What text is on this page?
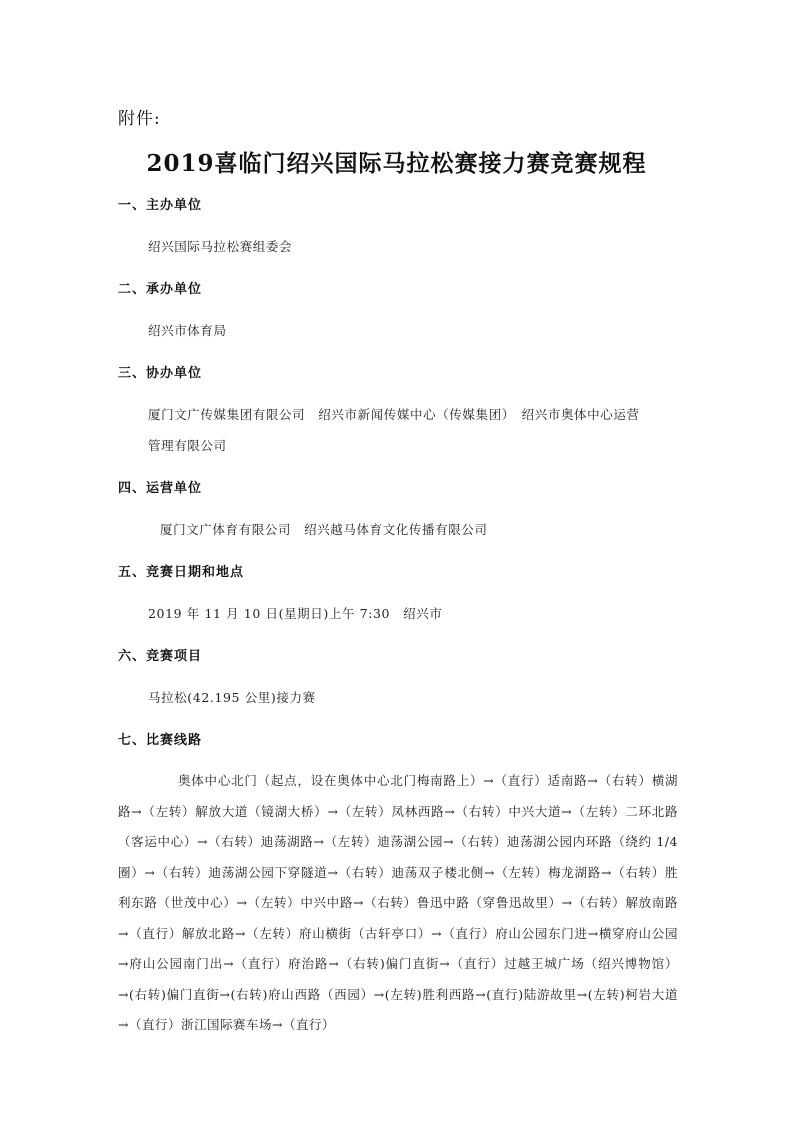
附件:
2019喜临门绍兴国际马拉松赛接力赛竞赛规程

一、主办单位

绍兴国际马拉松赛组委会

二、承办单位

绍兴市体育局

三、协办单位

厦门文广传媒集团有限公司　绍兴市新闻传媒中心（传媒集团）　绍兴市奥体中心运营

管理有限公司

四、运营单位

厦门文广体育有限公司　绍兴越马体育文化传播有限公司

五、竞赛日期和地点

2019 年 11 月 10 日(星期日)上午 7:30　绍兴市

六、竞赛项目

马拉松(42.195 公里)接力赛

七、比赛线路

奥体中心北门（起点，设在奥体中心北门梅南路上）→（直行）适南路→（右转）横湖路→（左转）解放大道（镜湖大桥）→（左转）凤林西路→（右转）中兴大道→（左转）二环北路（客运中心）→（右转）迪荡湖路→（左转）迪荡湖公园→（右转）迪荡湖公园内环路（绕约 1/4 圈）→（右转）迪荡湖公园下穿隧道→（右转）迪荡双子楼北侧→（左转）梅龙湖路→（右转）胜利东路（世茂中心）→（左转）中兴中路→（右转）鲁迅中路（穿鲁迅故里）→（右转）解放南路→（直行）解放北路→（左转）府山横街（古轩亭口）→（直行）府山公园东门进→横穿府山公园→府山公园南门出→（直行）府治路→（右转)偏门直街→（直行）过越王城广场（绍兴博物馆）→(右转)偏门直街→(右转)府山西路（西园）→(左转)胜利西路→(直行)陆游故里→(左转)柯岩大道→（直行）浙江国际赛车场→（直行）
